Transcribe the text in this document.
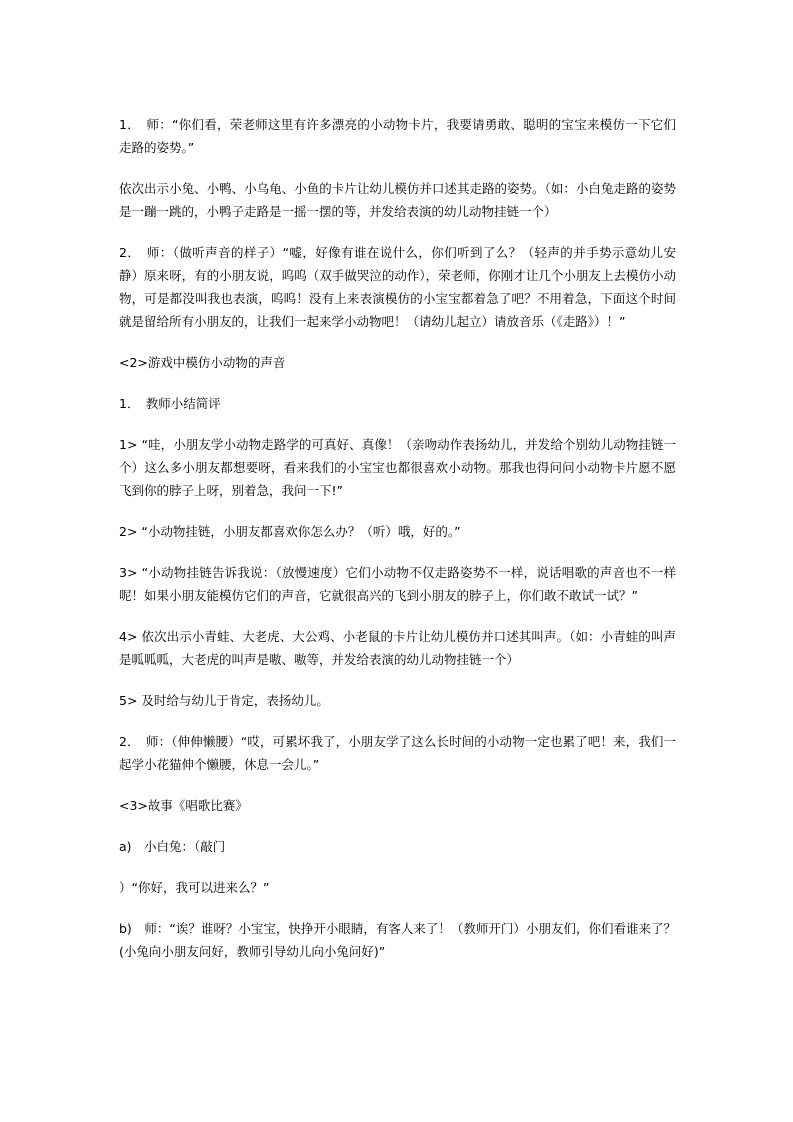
1．　师：“你们看，荣老师这里有许多漂亮的小动物卡片，我要请勇敢、聪明的宝宝来模仿一下它们走路的姿势。”

依次出示小兔、小鸭、小乌龟、小鱼的卡片让幼儿模仿并口述其走路的姿势。（如：小白兔走路的姿势是一蹦一跳的，小鸭子走路是一摇一摆的等，并发给表演的幼儿动物挂链一个）

2．　师：（做听声音的样子）“嘘，好像有谁在说什么，你们听到了么？（轻声的并手势示意幼儿安静）原来呀，有的小朋友说，呜呜（双手做哭泣的动作），荣老师，你刚才让几个小朋友上去模仿小动物，可是都没叫我也表演，呜呜！没有上来表演模仿的小宝宝都着急了吧？不用着急，下面这个时间就是留给所有小朋友的，让我们一起来学小动物吧！（请幼儿起立）请放音乐（《走路》）！”

<2>游戏中模仿小动物的声音

1．　教师小结简评

1> “哇，小朋友学小动物走路学的可真好、真像！（亲吻动作表扬幼儿，并发给个别幼儿动物挂链一个）这么多小朋友都想要呀，看来我们的小宝宝也都很喜欢小动物。那我也得问问小动物卡片愿不愿飞到你的脖子上呀，别着急，我问一下!”

2> “小动物挂链，小朋友都喜欢你怎么办？（听）哦，好的。”

3> “小动物挂链告诉我说：（放慢速度）它们小动物不仅走路姿势不一样，说话唱歌的声音也不一样呢！如果小朋友能模仿它们的声音，它就很高兴的飞到小朋友的脖子上，你们敢不敢试一试？”

4> 依次出示小青蛙、大老虎、大公鸡、小老鼠的卡片让幼儿模仿并口述其叫声。（如：小青蛙的叫声是呱呱呱，大老虎的叫声是嗷、嗷等，并发给表演的幼儿动物挂链一个）

5> 及时给与幼儿于肯定，表扬幼儿。

2．　师：（伸伸懒腰）“哎，可累坏我了，小朋友学了这么长时间的小动物一定也累了吧！来，我们一起学小花猫伸个懒腰，休息一会儿。”

<3>故事《唱歌比赛》

a)　小白兔：（敲门

）“你好，我可以进来么？”

b)　师：“诶？谁呀？小宝宝，快挣开小眼睛，有客人来了！（教师开门）小朋友们，你们看谁来了？(小兔向小朋友问好，教师引导幼儿向小兔问好)”
